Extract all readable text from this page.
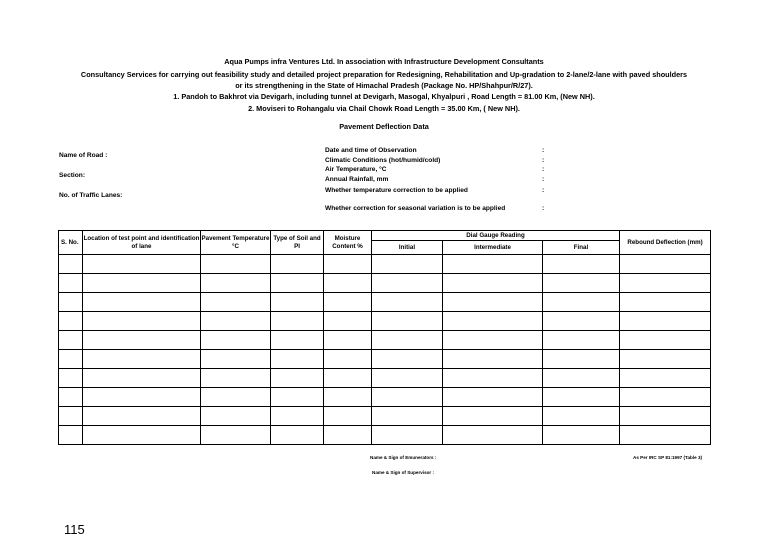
Aqua Pumps infra Ventures Ltd. In association with Infrastructure Development Consultants
Consultancy Services for carrying out feasibility study and detailed project preparation for Redesigning, Rehabilitation and Up-gradation to 2-lane/2-lane with paved shoulders
or its strengthening in the State of Himachal Pradesh (Package No. HP/Shahpur/R/27).
1. Pandoh to Bakhrot via Devigarh, including tunnel at Devigarh, Masogal, Khyalpuri , Road Length = 81.00 Km, (New NH).
2. Moviseri to Rohangalu via Chail Chowk Road Length = 35.00 Km, ( New NH).
Pavement Deflection Data
Name of Road :
Section:
No. of Traffic Lanes:
Date and time of Observation
Climatic Conditions (hot/humid/cold)
Air Temperature, °C
Annual Rainfall, mm
Whether temperature correction to be applied
Whether correction for seasonal variation is to be applied
:
:
:
:
:
:
S. No.	Location of test point and identification of lane	Pavement Temperature °C	Type of Soil and PI	Moisture Content %	Dial Gauge Reading			Rebound Deflection (mm)
					Initial	Intermediate	Final	

Name & Sign of Emunerators :
Name & Sign of Supervisor :
As Per IRC SP 81:1997 (Table 3)
115
